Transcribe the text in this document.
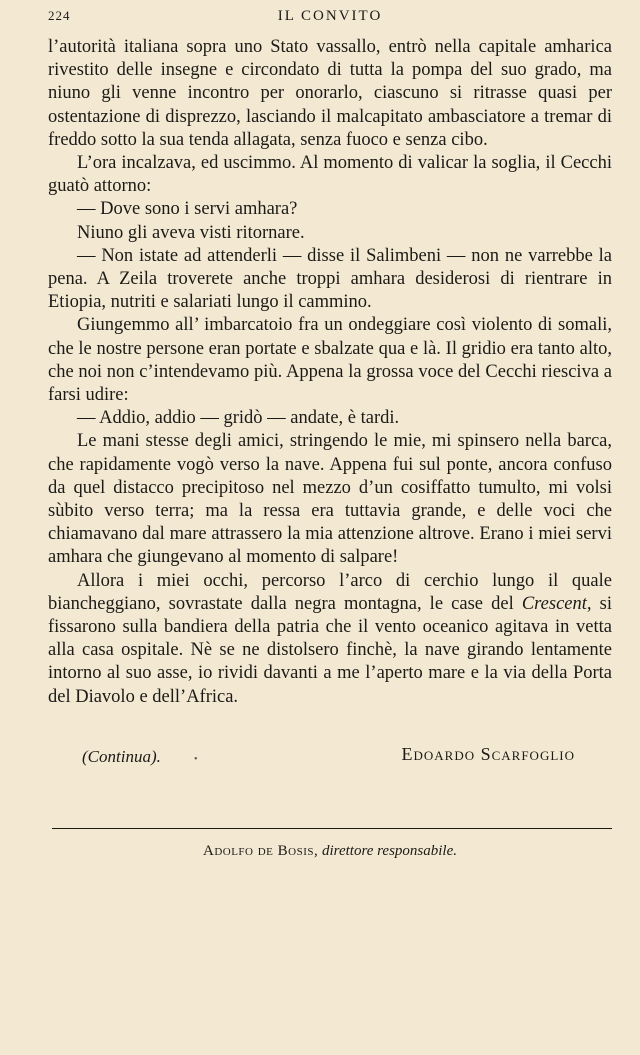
224	IL CONVITO

l’autorità italiana sopra uno Stato vassallo, entrò nella capitale amharica rivestito delle insegne e circondato di tutta la pompa del suo grado, ma niuno gli venne incontro per onorarlo, ciascuno si ritrasse quasi per ostentazione di disprezzo, lasciando il malcapitato ambasciatore a tremar di freddo sotto la sua tenda allagata, senza fuoco e senza cibo.

L’ora incalzava, ed uscimmo. Al momento di valicar la soglia, il Cecchi guatò attorno:

— Dove sono i servi amhara?

Niuno gli aveva visti ritornare.

— Non istate ad attenderli — disse il Salimbeni — non ne varrebbe la pena. A Zeila troverete anche troppi amhara desiderosi di rientrare in Etiopia, nutriti e salariati lungo il cammino.

Giungemmo all’ imbarcatoio fra un ondeggiare così violento di somali, che le nostre persone eran portate e sbalzate qua e là. Il gridio era tanto alto, che noi non c’intendevamo più. Appena la grossa voce del Cecchi riesciva a farsi udire:

— Addio, addio — gridò — andate, è tardi.

Le mani stesse degli amici, stringendo le mie, mi spinsero nella barca, che rapidamente vogò verso la nave. Appena fui sul ponte, ancora confuso da quel distacco precipitoso nel mezzo d’un cosiffatto tumulto, mi volsi sùbito verso terra; ma la ressa era tuttavia grande, e delle voci che chiamavano dal mare attrassero la mia attenzione altrove. Erano i miei servi amhara che giungevano al momento di salpare!

Allora i miei occhi, percorso l’arco di cerchio lungo il quale biancheggiano, sovrastate dalla negra montagna, le case del Crescent, si fissarono sulla bandiera della patria che il vento oceanico agitava in vetta alla casa ospitale. Nè se ne distolsero finchè, la nave girando lentamente intorno al suo asse, io rividi davanti a me l’aperto mare e la via della Porta del Diavolo e dell’Africa.

(Continua).	•	Edoardo Scarfoglio
Adolfo de Bosis, direttore responsabile.
